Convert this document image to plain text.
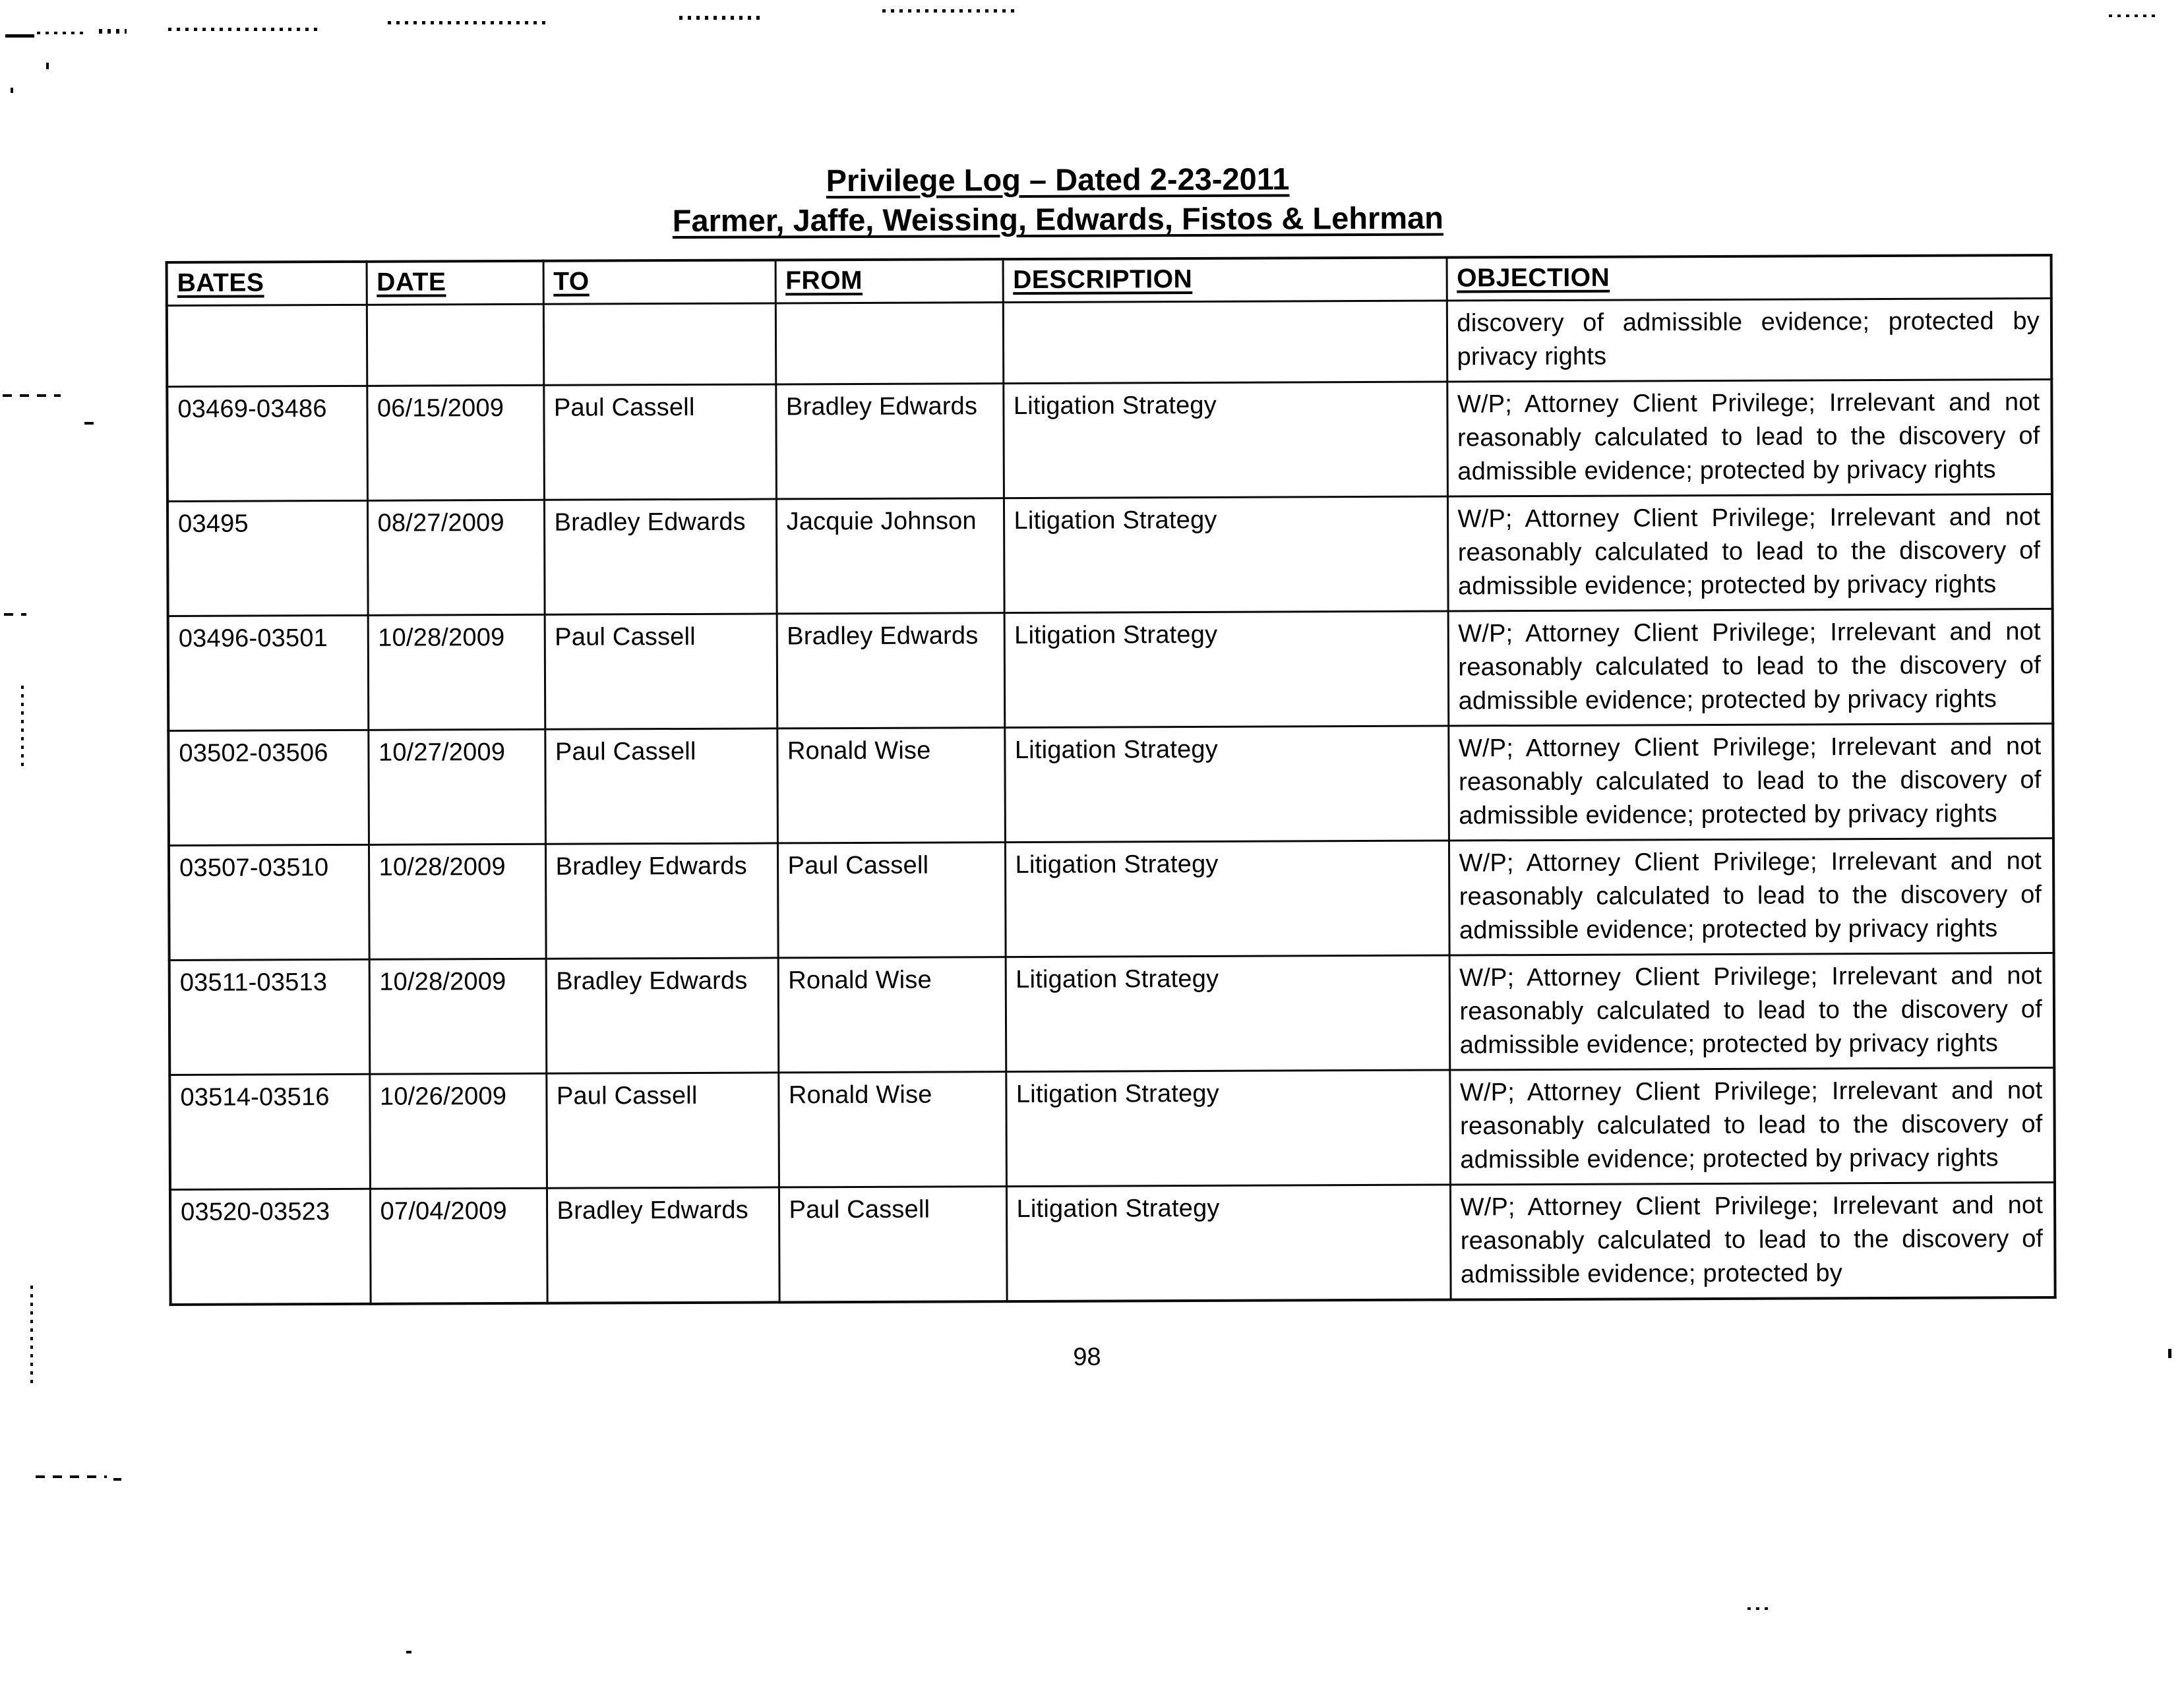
Privilege Log – Dated 2-23-2011
Farmer, Jaffe, Weissing, Edwards, Fistos & Lehrman
BATES	DATE	TO	FROM	DESCRIPTION	OBJECTION
					discovery of admissible evidence; protected by privacy rights
03469-03486	06/15/2009	Paul Cassell	Bradley Edwards	Litigation Strategy	W/P; Attorney Client Privilege; Irrelevant and not reasonably calculated to lead to the discovery of admissible evidence; protected by privacy rights
03495	08/27/2009	Bradley Edwards	Jacquie Johnson	Litigation Strategy	W/P; Attorney Client Privilege; Irrelevant and not reasonably calculated to lead to the discovery of admissible evidence; protected by privacy rights
03496-03501	10/28/2009	Paul Cassell	Bradley Edwards	Litigation Strategy	W/P; Attorney Client Privilege; Irrelevant and not reasonably calculated to lead to the discovery of admissible evidence; protected by privacy rights
03502-03506	10/27/2009	Paul Cassell	Ronald Wise	Litigation Strategy	W/P; Attorney Client Privilege; Irrelevant and not reasonably calculated to lead to the discovery of admissible evidence; protected by privacy rights
03507-03510	10/28/2009	Bradley Edwards	Paul Cassell	Litigation Strategy	W/P; Attorney Client Privilege; Irrelevant and not reasonably calculated to lead to the discovery of admissible evidence; protected by privacy rights
03511-03513	10/28/2009	Bradley Edwards	Ronald Wise	Litigation Strategy	W/P; Attorney Client Privilege; Irrelevant and not reasonably calculated to lead to the discovery of admissible evidence; protected by privacy rights
03514-03516	10/26/2009	Paul Cassell	Ronald Wise	Litigation Strategy	W/P; Attorney Client Privilege; Irrelevant and not reasonably calculated to lead to the discovery of admissible evidence; protected by privacy rights
03520-03523	07/04/2009	Bradley Edwards	Paul Cassell	Litigation Strategy	W/P; Attorney Client Privilege; Irrelevant and not reasonably calculated to lead to the discovery of admissible evidence; protected by
98
